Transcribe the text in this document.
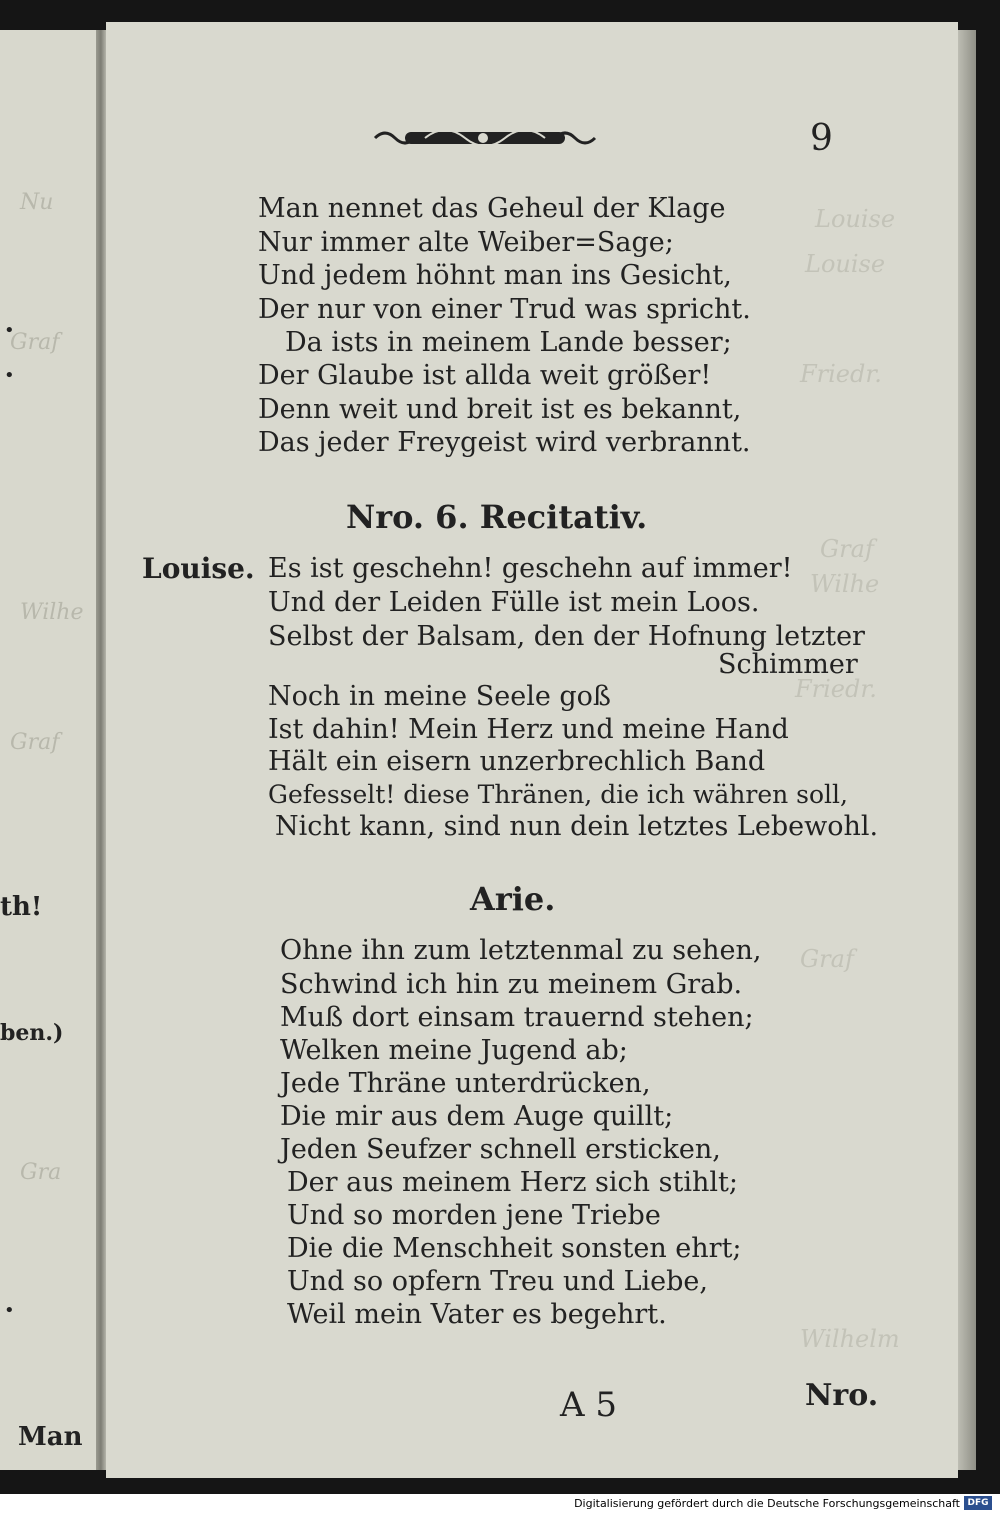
Nu
Graf
Wilhe
Graf
th!
ben.)
Gra
Man
•
•
•
Louise
Louise
Friedr.
Graf
Wilhe
Friedr.
Graf
Wilhelm
9
Man nennet das Geheul der Klage
Nur immer alte Weiber=Sage;
Und jedem höhnt man ins Gesicht,
Der nur von einer Trud was spricht.
Da ists in meinem Lande besser;
Der Glaube ist allda weit größer!
Denn weit und breit ist es bekannt,
Das jeder Freygeist wird verbrannt.
Nro. 6. Recitativ.
Louise. Es ist geschehn! geschehn auf immer!
Und der Leiden Fülle ist mein Loos.
Selbst der Balsam, den der Hofnung letzter
Schimmer
Noch in meine Seele goß
Ist dahin! Mein Herz und meine Hand
Hält ein eisern unzerbrechlich Band
Gefesselt! diese Thränen, die ich währen soll,
Nicht kann, sind nun dein letztes Lebewohl.
Arie.
Ohne ihn zum letztenmal zu sehen,
Schwind ich hin zu meinem Grab.
Muß dort einsam trauernd stehen;
Welken meine Jugend ab;
Jede Thräne unterdrücken,
Die mir aus dem Auge quillt;
Jeden Seufzer schnell ersticken,
Der aus meinem Herz sich stihlt;
Und so morden jene Triebe
Die die Menschheit sonsten ehrt;
Und so opfern Treu und Liebe,
Weil mein Vater es begehrt.
A 5	Nro.
Digitalisierung gefördert durch die Deutsche Forschungsgemeinschaft DFG
